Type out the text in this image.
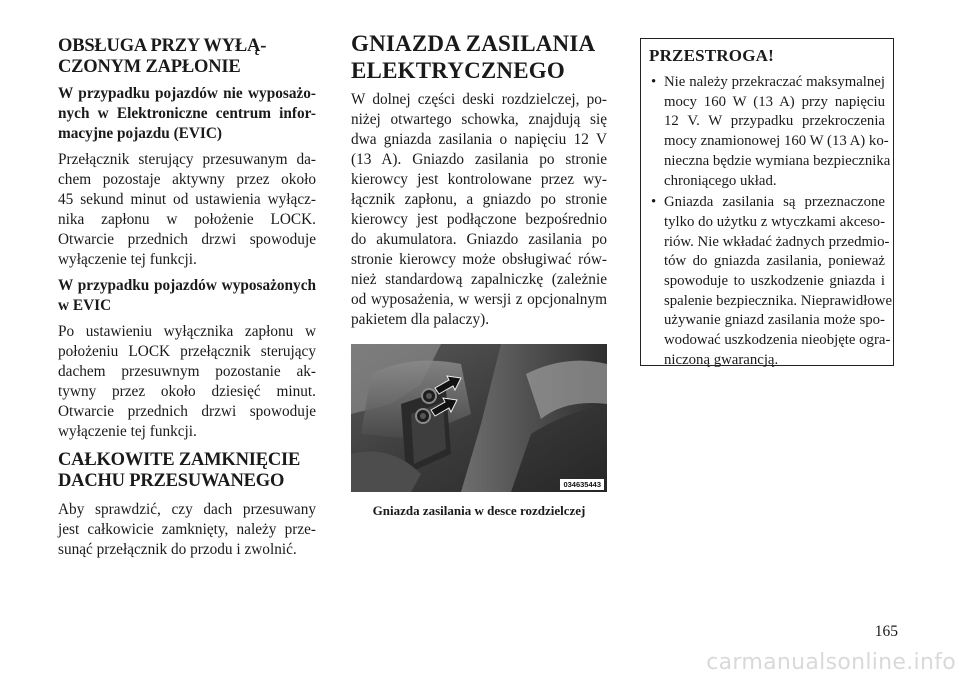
OBSŁUGA PRZY WYŁĄ-
CZONYM ZAPŁONIE
W przypadku pojazdów nie wyposażo-
nych w Elektroniczne centrum infor-
macyjne pojazdu (EVIC)
Przełącznik sterujący przesuwanym da-
chem pozostaje aktywny przez około
45 sekund minut od ustawienia wyłącz-
nika zapłonu w położenie LOCK.
Otwarcie przednich drzwi spowoduje
wyłączenie tej funkcji.
W przypadku pojazdów wyposażonych
w EVIC
Po ustawieniu wyłącznika zapłonu w
położeniu LOCK przełącznik sterujący
dachem przesuwnym pozostanie ak-
tywny przez około dziesięć minut.
Otwarcie przednich drzwi spowoduje
wyłączenie tej funkcji.
CAŁKOWITE ZAMKNIĘCIE
DACHU PRZESUWANEGO
Aby sprawdzić, czy dach przesuwany
jest całkowicie zamknięty, należy prze-
sunąć przełącznik do przodu i zwolnić.
GNIAZDA ZASILANIA
ELEKTRYCZNEGO
W dolnej części deski rozdzielczej, po-
niżej otwartego schowka, znajdują się
dwa gniazda zasilania o napięciu 12 V
(13 A). Gniazdo zasilania po stronie
kierowcy jest kontrolowane przez wy-
łącznik zapłonu, a gniazdo po stronie
kierowcy jest podłączone bezpośrednio
do akumulatora. Gniazdo zasilania po
stronie kierowcy może obsługiwać rów-
nież standardową zapalniczkę (zależnie
od wyposażenia, w wersji z opcjonalnym
pakietem dla palaczy).
034635443
Gniazda zasilania w desce rozdzielczej
PRZESTROGA!
• Nie należy przekraczać maksymalnej
mocy 160 W (13 A) przy napięciu
12 V. W przypadku przekroczenia
mocy znamionowej 160 W (13 A) ko-
nieczna będzie wymiana bezpiecznika
chroniącego układ.
• Gniazda zasilania są przeznaczone
tylko do użytku z wtyczkami akceso-
riów. Nie wkładać żadnych przedmio-
tów do gniazda zasilania, ponieważ
spowoduje to uszkodzenie gniazda i
spalenie bezpiecznika. Nieprawidłowe
używanie gniazd zasilania może spo-
wodować uszkodzenia nieobjęte ogra-
niczoną gwarancją.
165
carmanualsonline.info
